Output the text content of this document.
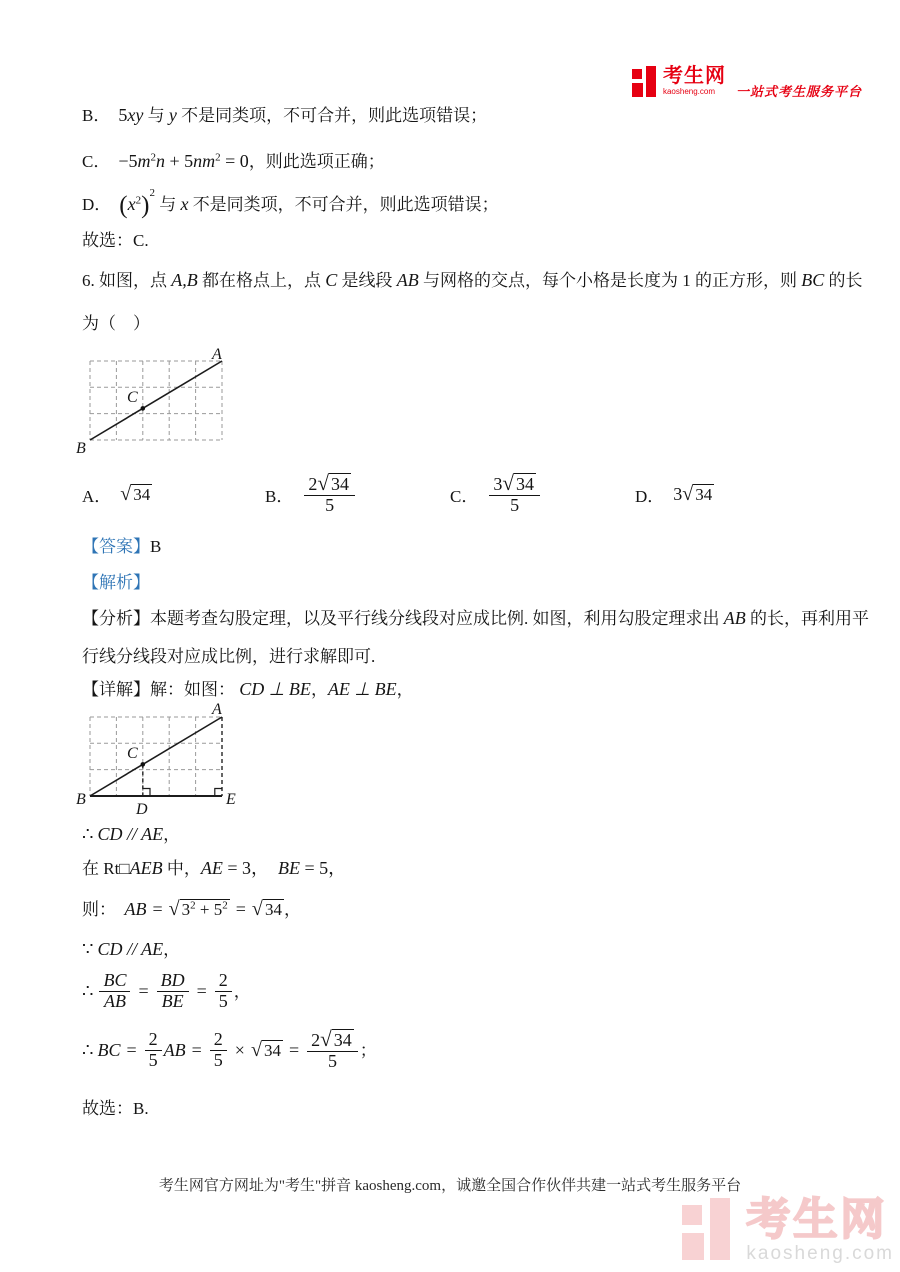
考生网
kaosheng.com	一站式考生服务平台
B． 5xy 与 y 不是同类项，不可合并，则此选项错误；
C． $-5m^2n + 5nm^2 = 0$，则此选项正确；
D． $(x^2)^2$ 与 x 不是同类项，不可合并，则此选项错误；
故选：C.
6. 如图，点 A,B 都在格点上，点 C 是线段 AB 与网格的交点，每个小格是长度为 1 的正方形，则 BC 的长
为（　）
A
B
C
A． √ 34	B． $\frac{2√ 34}{5}$	C． $\frac{3√ 34}{5}$	D． 3 √ 34
【答案】B
【解析】
【分析】本题考查勾股定理，以及平行线分线段对应成比例. 如图，利用勾股定理求出 AB 的长，再利用平
行线分线段对应成比例，进行求解即可.
【详解】解：如图： CD ⊥ BE，AE ⊥ BE，
A
B
C
D
E
∴ CD // AE，
在 Rt□AEB 中，AE = 3，　BE = 5，
则：　 AB = √ $3^2 + 5^2$ = √ 34 ，
∵ CD // AE，
∴ $\frac{BC}{AB} = \frac{BD}{BE} = \frac{2}{5}$ ，
∴ BC = $\frac{2}{5}$ AB = $\frac{2}{5}$ × √ $34 = \frac{2√ 34}{5}$ ；
故选：B.
考生网官方网址为"考生"拼音 kaosheng.com，诚邀全国合作伙伴共建一站式考生服务平台
考生网
kaosheng.com
